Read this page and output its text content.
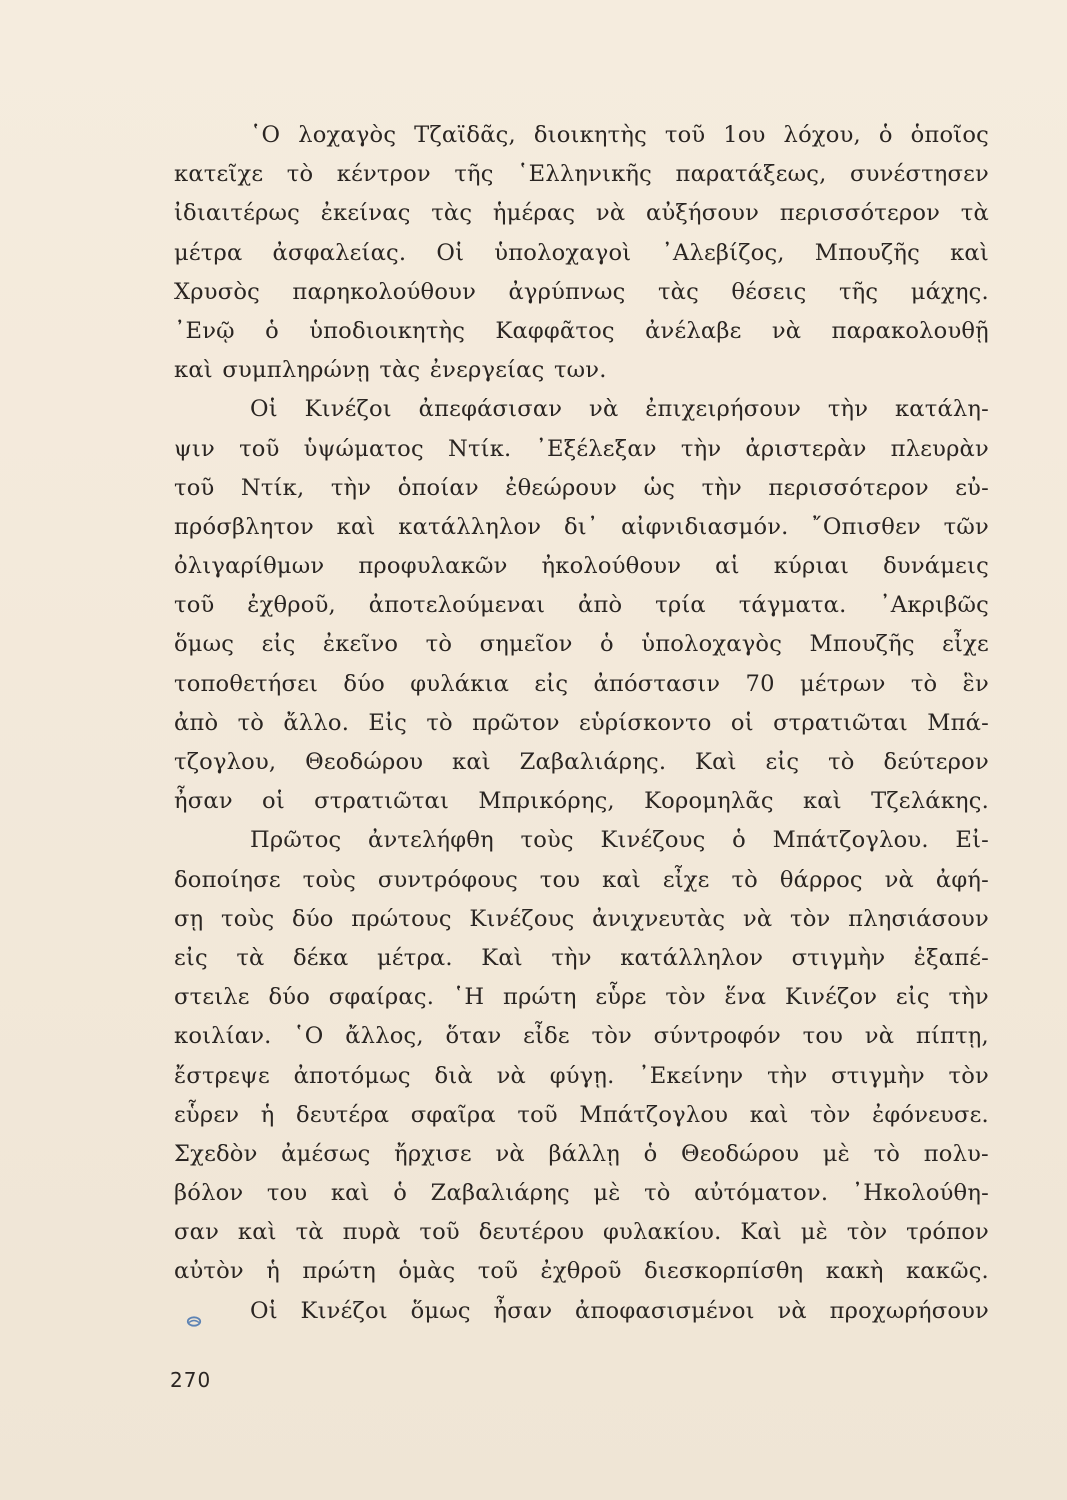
῾Ο λοχαγὸς Τζαϊδᾶς, διοικητὴς τοῦ 1ου λόχου, ὁ ὁποῖος
κατεῖχε τὸ κέντρον τῆς ῾Ελληνικῆς παρατάξεως, συνέστησεν
ἰδιαιτέρως ἐκείνας τὰς ἡμέρας νὰ αὐξήσουν περισσότερον τὰ
μέτρα ἀσφαλείας. Οἱ ὑπολοχαγοὶ ᾿Αλεβίζος, Μπουζῆς καὶ
Χρυσὸς παρηκολούθουν ἀγρύπνως τὰς θέσεις τῆς μάχης.
᾿Ενῷ ὁ ὑποδιοικητὴς Καφφᾶτος ἀνέλαβε νὰ παρακολουθῇ
καὶ συμπληρώνῃ τὰς ἐνεργείας των.
Οἱ Κινέζοι ἀπεφάσισαν νὰ ἐπιχειρήσουν τὴν κατάλη-
ψιν τοῦ ὑψώματος Ντίκ. ᾿Εξέλεξαν τὴν ἀριστερὰν πλευρὰν
τοῦ Ντίκ, τὴν ὁποίαν ἐθεώρουν ὡς τὴν περισσότερον εὐ-
πρόσβλητον καὶ κατάλληλον δι᾿ αἰφνιδιασμόν. ῎Οπισθεν τῶν
ὀλιγαρίθμων προφυλακῶν ἠκολούθουν αἱ κύριαι δυνάμεις
τοῦ ἐχθροῦ, ἀποτελούμεναι ἀπὸ τρία τάγματα. ᾿Ακριβῶς
ὅμως εἰς ἐκεῖνο τὸ σημεῖον ὁ ὑπολοχαγὸς Μπουζῆς εἶχε
τοποθετήσει δύο φυλάκια εἰς ἀπόστασιν 70 μέτρων τὸ ἓν
ἀπὸ τὸ ἄλλο. Εἰς τὸ πρῶτον εὑρίσκοντο οἱ στρατιῶται Μπά-
τζογλου, Θεοδώρου καὶ Ζαβαλιάρης. Καὶ εἰς τὸ δεύτερον
ἦσαν οἱ στρατιῶται Μπρικόρης, Κορομηλᾶς καὶ Τζελάκης.
Πρῶτος ἀντελήφθη τοὺς Κινέζους ὁ Μπάτζογλου. Εἰ-
δοποίησε τοὺς συντρόφους του καὶ εἶχε τὸ θάρρος νὰ ἀφή-
σῃ τοὺς δύο πρώτους Κινέζους ἀνιχνευτὰς νὰ τὸν πλησιάσουν
εἰς τὰ δέκα μέτρα. Καὶ τὴν κατάλληλον στιγμὴν ἐξαπέ-
στειλε δύο σφαίρας. ῾Η πρώτη εὗρε τὸν ἕνα Κινέζον εἰς τὴν
κοιλίαν. ῾Ο ἄλλος, ὅταν εἶδε τὸν σύντροφόν του νὰ πίπτῃ,
ἔστρεψε ἀποτόμως διὰ νὰ φύγῃ. ᾿Εκείνην τὴν στιγμὴν τὸν
εὗρεν ἡ δευτέρα σφαῖρα τοῦ Μπάτζογλου καὶ τὸν ἐφόνευσε.
Σχεδὸν ἀμέσως ἤρχισε νὰ βάλλῃ ὁ Θεοδώρου μὲ τὸ πολυ-
βόλον του καὶ ὁ Ζαβαλιάρης μὲ τὸ αὐτόματον. ᾿Ηκολούθη-
σαν καὶ τὰ πυρὰ τοῦ δευτέρου φυλακίου. Καὶ μὲ τὸν τρόπον
αὐτὸν ἡ πρώτη ὁμὰς τοῦ ἐχθροῦ διεσκορπίσθη κακὴ κακῶς.
Οἱ Κινέζοι ὅμως ἦσαν ἀποφασισμένοι νὰ προχωρήσουν
270
